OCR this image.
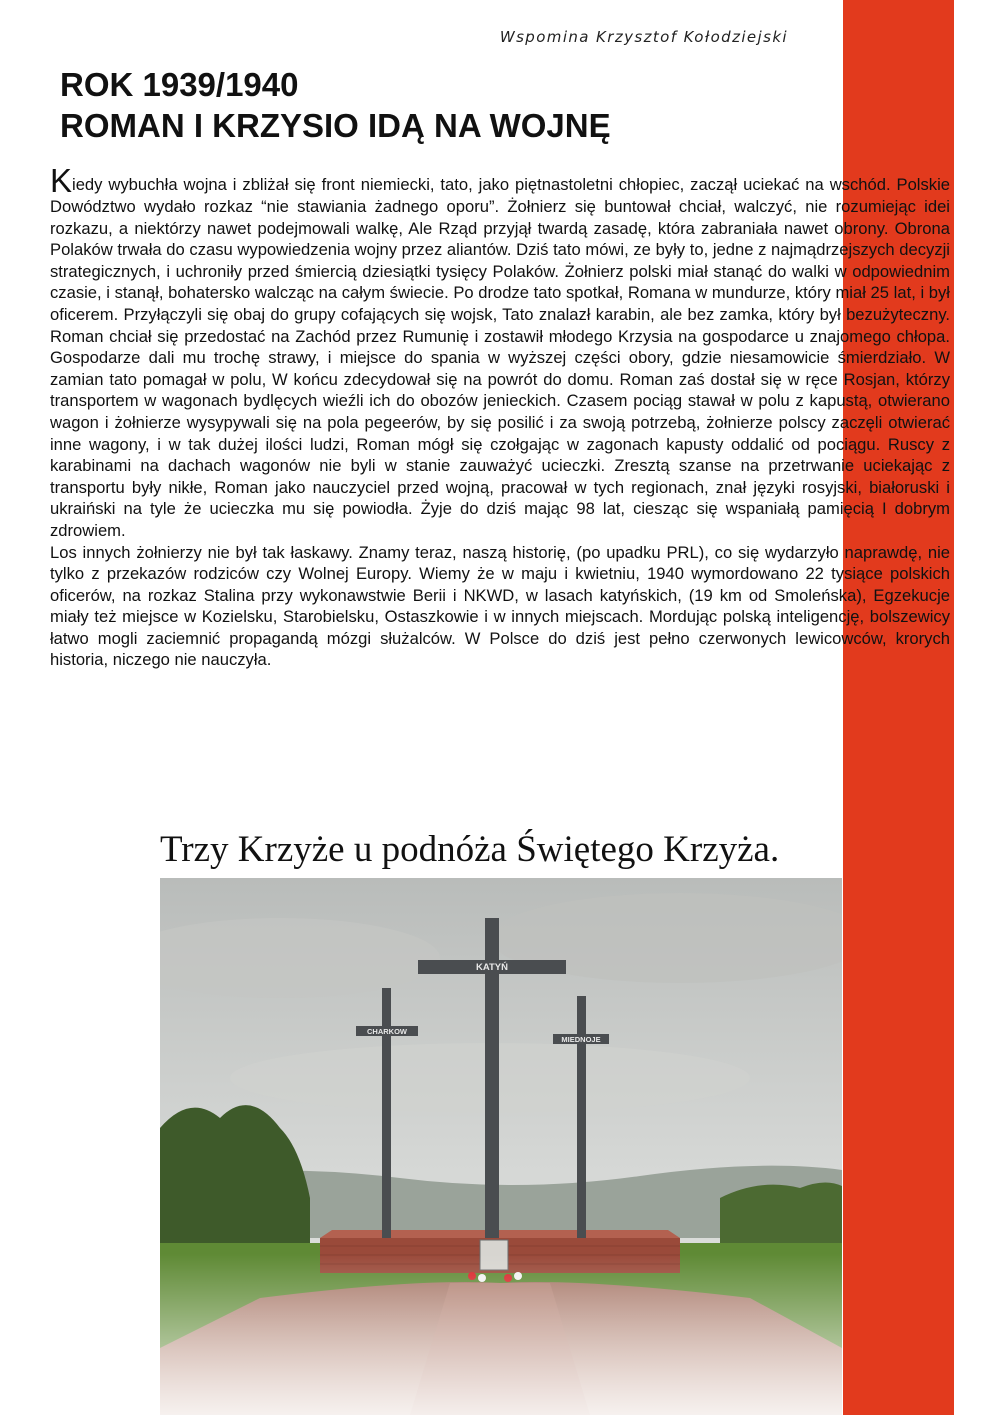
Wspomina Krzysztof Kołodziejski
ROK 1939/1940
ROMAN I KRZYSIO IDĄ NA WOJNĘ

Kiedy wybuchła wojna i zbliżał się front niemiecki, tato, jako piętnastoletni chłopiec, zaczął uciekać na wschód. Polskie Dowództwo wydało rozkaz “nie stawiania żadnego oporu”. Żołnierz się buntował chciał, walczyć, nie rozumiejąc idei rozkazu, a niektórzy nawet podejmowali walkę, Ale Rząd przyjął twardą zasadę, która zabraniała nawet obrony. Obrona Polaków trwała do czasu wypowiedzenia wojny przez aliantów. Dziś tato mówi, ze były to, jedne z najmądrzejszych decyzji strategicznych, i uchroniły przed śmiercią dziesiątki tysięcy Polaków. Żołnierz polski miał stanąć do walki w odpowiednim czasie, i stanął, bohatersko walcząc na całym świecie. Po drodze tato spotkał, Romana w mundurze, który miał 25 lat, i był oficerem. Przyłączyli się obaj do grupy cofających się wojsk, Tato znalazł karabin, ale bez zamka, który był bezużyteczny. Roman chciał się przedostać na Zachód przez Rumunię i zostawił młodego Krzysia na gospodarce u znajomego chłopa. Gospodarze dali mu trochę strawy, i miejsce do spania w wyższej części obory, gdzie niesamowicie śmierdziało. W zamian tato pomagał w polu, W końcu zdecydował się na powrót do domu. Roman zaś dostał się w ręce Rosjan, którzy transportem w wagonach bydlęcych wieźli ich do obozów jenieckich. Czasem pociąg stawał w polu z kapustą, otwierano wagon i żołnierze wysypywali się na pola pegeerów, by się posilić i za swoją potrzebą, żołnierze polscy zaczęli otwierać inne wagony, i w tak dużej ilości ludzi, Roman mógł się czołgając w zagonach kapusty oddalić od pociągu. Ruscy z karabinami na dachach wagonów nie byli w stanie zauważyć ucieczki. Zresztą szanse na przetrwanie uciekając z transportu były nikłe, Roman jako nauczyciel przed wojną, pracował w tych regionach, znał języki rosyjski, białoruski i ukraiński na tyle że ucieczka mu się powiodła. Żyje do dziś mając 98 lat, ciesząc się wspaniałą pamięcią I dobrym zdrowiem.

Los innych żołnierzy nie był tak łaskawy. Znamy teraz, naszą historię, (po upadku PRL), co się wydarzyło naprawdę, nie tylko z przekazów rodziców czy Wolnej Europy. Wiemy że w maju i kwietniu, 1940 wymordowano 22 tysiące polskich oficerów, na rozkaz Stalina przy wykonawstwie Berii i NKWD, w lasach katyńskich, (19 km od Smoleńska), Egzekucje miały też miejsce w Kozielsku, Starobielsku, Ostaszkowie i w innych miejscach. Mordując polską inteligencję, bolszewicy łatwo mogli zaciemnić propagandą mózgi służalców. W Polsce do dziś jest pełno czerwonych lewicowców, krorych historia, niczego nie nauczyła.

Trzy Krzyże u podnóża Świętego Krzyża.
